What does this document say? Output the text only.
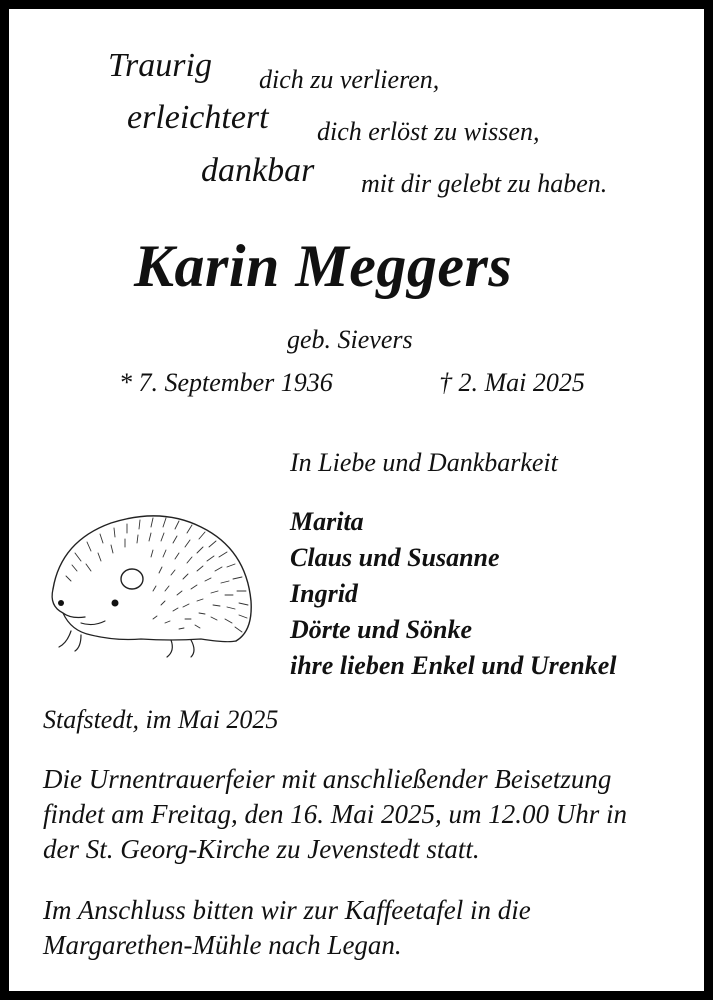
Traurig dich zu verlieren,
erleichtert dich erlöst zu wissen,
dankbar mit dir gelebt zu haben.
Karin Meggers
geb. Sievers
* 7. September 1936	† 2. Mai 2025
In Liebe und Dankbarkeit
Marita
Claus und Susanne
Ingrid
Dörte und Sönke
ihre lieben Enkel und Urenkel
Stafstedt, im Mai 2025
Die Urnentrauerfeier mit anschließender Beisetzung
findet am Freitag, den 16. Mai 2025, um 12.00 Uhr in
der St. Georg-Kirche zu Jevenstedt statt.
Im Anschluss bitten wir zur Kaffeetafel in die
Margarethen-Mühle nach Legan.
